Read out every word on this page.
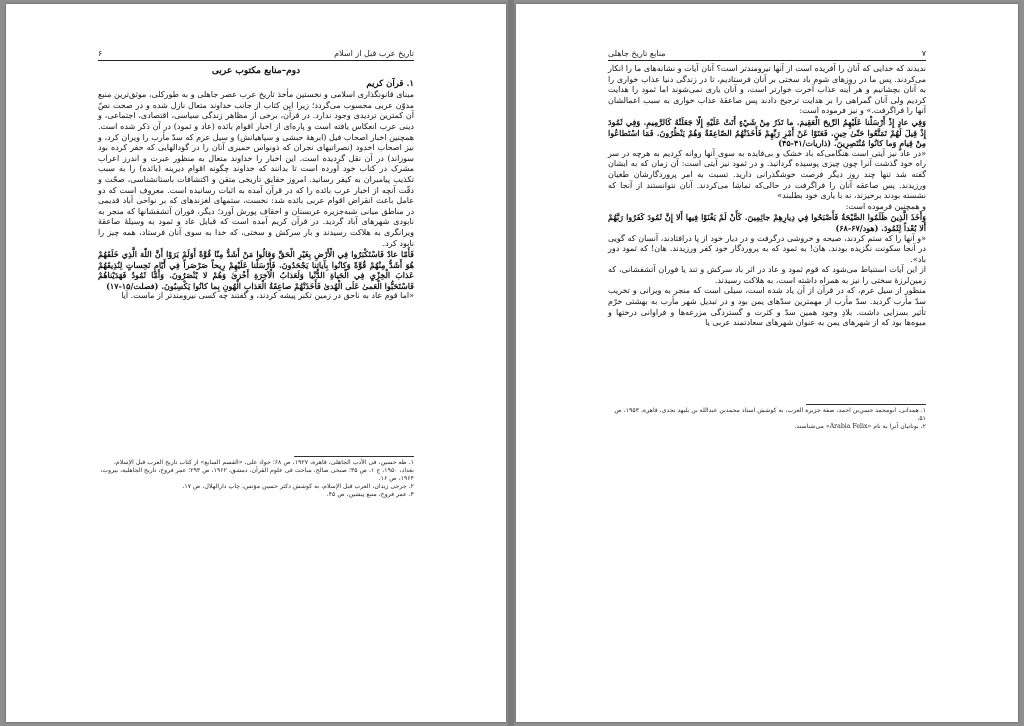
۶	تاریخ عرب قبل از اسلام
دوم–منابع مکتوب عربی
۱. قرآن کریم

مبنای قانونگذاری اسلامی و نخستین مأخذ تاریخ عرب عصر جاهلی و به طورکلی، موثق‌ترین منبع مدوّن عربی محسوب می‌گردد؛ زیرا این کتاب از جانب خداوند متعال نازل شده و در صحت نصّ آن کمترین تردیدی وجود ندارد. در قرآن، برخی از مظاهر زندگی سیاسی، اقتصادی، اجتماعی، و دینی عرب انعکاس یافته است و پاره‌ای از اخبار اقوام بائده (عاد و ثمود) در آن ذکر شده است. همچنین اخبار اصحاب فیل (ابرهۀ حبشی و سپاهیانش) و سیل عرم که سدّ مأرب را ویران کرد، و نیز اصحاب اخدود (نصرانیهای نجران که ذونواس حمیری آنان را در گودالهایی که حفر کرده بود سوزاند) در آن نقل گردیده است. این اخبار را خداوند متعال به منظور عبرت و اندرز اعراب مشرک در کتاب خود آورده است تا بدانند که خداوند چگونه اقوام دیرینه (بائده) را به سبب تکذیب پیامبران به کیفر رسانید. امروز حقایق تاریخی متقن و اکتشافات باستانشناسی، صحّت و دقّت آنچه از اخبار عرب بائده را که در قرآن آمده به اثبات رسانیده است. معروف است که دو عامل باعث انقراض اقوام عربی بائده شد: نخست، ستمهای لغزندهای که بر نواحی آباد قدیمی در مناطق میانی شبه‌جزیره عربستان و احقاف پورش آورد؛ دیگر، فوران آتشفشانها که منجر به نابودی شهرهای آباد گردید. در قرآن کریم آمده است که قبایل عاد و ثمود به وسیلۀ صاعقۀ ویرانگری به هلاکت رسیدند و بار سرکش و سختی، که خدا به سوی آنان فرستاد، همه چیز را نابود کرد.

فَأَمّا عادٌ فَاسْتَكْبَرُوا فِي الْأَرْضِ بِغَيْرِ الْحَقِّ وَقالُوا مَنْ أَشَدُّ مِنّا قُوَّةً أَوَلَمْ يَرَوْا أَنَّ اللّٰهَ الَّذِي خَلَقَهُمْ هُوَ أَشَدُّ مِنْهُمْ قُوَّةً وَكانُوا بِآياتِنا يَجْحَدُونَ. فَأَرْسَلْنا عَلَيْهِمْ رِيحاً صَرْصَراً فِي أَيّامٍ نَحِساتٍ لِنُذِيقَهُمْ عَذابَ الْخِزْيِ فِي الْحَياةِ الدُّنْيا وَلَعَذابُ الْآخِرَةِ أَخْزىٰ وَهُمْ لا يُنْصَرُونَ. وَأَمّا ثَمُودُ فَهَدَيْناهُمْ فَاسْتَحَبُّوا الْعَمىٰ عَلَى الْهُدىٰ فَأَخَذَتْهُمْ صاعِقَةُ الْعَذابِ الْهُونِ بِما كانُوا يَكْسِبُونَ. (فصلت/۱۵-۱۷)

«اما قوم عاد به ناحق در زمین تکبر پیشه کردند، و گفتند چه کسی نیرومندتر از ماست. آیا

۱. طه حسین، فی الأدب الجاهلی، قاهرة، ۱۹۲۷، ص ۶۸؛ جواد علی، «القسم السابع» از کتاب تاریخ العرب قبل الإسلام، بغداد، ۱۹۵۰، ج ۱، ص ۳۵؛ صبحی صالح، مباحث فی علوم القرآن، دمشق، ۱۹۶۲، ص ۲۹۳؛ عمر فروخ، تاریخ الجاهلیة، بیروت، ۱۹۶۴، ص ۱۶.

۲. جرجی زیدان، العرب قبل الإسلام، به کوشش دکتر حسین مؤنس، چاپ دارالهلال، ص ۱۷.

۳. عمر فروخ، منبع پیشین، ص ۴۵.

منابع تاریخ جاهلی	۷

ندیدند که خدایی که آنان را آفریده است از آنها نیرومندتر است؟ آنان آیات و نشانه‌های ما را انکار می‌کردند. پس ما در روزهای شوم باد سختی بر آنان فرستادیم، تا در زندگی دنیا عذاب خواری را به آنان بچشانیم و هر آینه عذاب آخرت خوارتر است، و آنان یاری نمی‌شوند اما ثمود را هدایت کردیم ولی آنان گمراهی را بر هدایت ترجیح دادند پس صاعقۀ عذاب خواری به سبب اعمالشان آنها را فراگرفت.» و نیز فرموده است:

وَفِي عادٍ إِذْ أَرْسَلْنا عَلَيْهِمُ الرِّيحَ الْعَقِيمَ. ما تَذَرُ مِنْ شَيْءٍ أَتَتْ عَلَيْهِ إِلّا جَعَلَتْهُ كَالرَّمِيمِ. وَفِي ثَمُودَ إِذْ قِيلَ لَهُمْ تَمَتَّعُوا حَتّىٰ حِينٍ. فَعَتَوْا عَنْ أَمْرِ رَبِّهِمْ فَأَخَذَتْهُمُ الصّاعِقَةُ وَهُمْ يَنْظُرُونَ. فَمَا اسْتَطاعُوا مِنْ قِيامٍ وَما كانُوا مُنْتَصِرِينَ. (ذاریات/۴۱-۴۵)

«در عاد نیز آیتی است هنگامی‌که باد خشک و بی‌فایده به سوی آنها روانه کردیم به هرچه در سر راه خود گذشت آنرا چون چیزی پوسیده گردانید. و در ثمود نیز آیتی است: آن زمان که به ایشان گفته شد تنها چند روز دیگر فرصت خوشگذرانی دارید. تسبت به امر پروردگارشان طغیان ورزیدند. پس صاعقه آنان را فراگرفت در حالی‌که تماشا می‌کردند. آنان نتوانستند از آنجا که نشسته بودند برخیزند، نه با یاری خود بطلبند»

و همچنین فرموده است:

وَأَخَذَ الَّذِينَ ظَلَمُوا الصَّيْحَةُ فَأَصْبَحُوا فِي دِيارِهِمْ جاثِمِينَ. كَأَنْ لَمْ يَغْنَوْا فِيها أَلا إِنَّ ثَمُودَ كَفَرُوا رَبَّهُمْ أَلا بُعْداً لِثَمُودَ. (هود/۶۷-۶۸)

«و آنها را که ستم کردند، صیحه و خروشی درگرفت و در دیار خود از پا درافتادند، آنسان که گویی در آنجا سکونت نگزیده بودند. هان! به ثمود که به پروردگار خود کفر ورزیدند. هان! که ثمود دور باد».

از این آیات استنباط می‌شود که قوم ثمود و عاد در اثر باد سرکش و تند یا فوران آتشفشانی، که زمین‌لرزۀ سختی را نیز به همراه داشته است، به هلاکت رسیدند.

منظور از سیل عرم، که در قرآن از آن یاد شده است، سیلی است که منجر به ویرانی و تخریب سدّ مأرب گردید. سدّ مأرب از مهمترین سدّهای یمن بود و در تبدیل شهر مأرب به بهشتی خرّم تأثیر بسزایی داشت. بلادِ وجود همین سدّ و کثرت و گستردگی مزرعه‌ها و فراوانی درختها و میوه‌ها بود که از شهرهای یمن به عنوان شهرهای سعادتمند عربی یا

۱. همدانی، ابومحمد حسن‌بن احمد، صفة جزیرة العرب، به کوشش استاد محمدبن عبدالله بن بلیهد نجدی، قاهرة، ۱۹۵۳، ص ۵۱.

۲. یونانیان آنرا به نام «Arabia Felix» می‌شناسند.
